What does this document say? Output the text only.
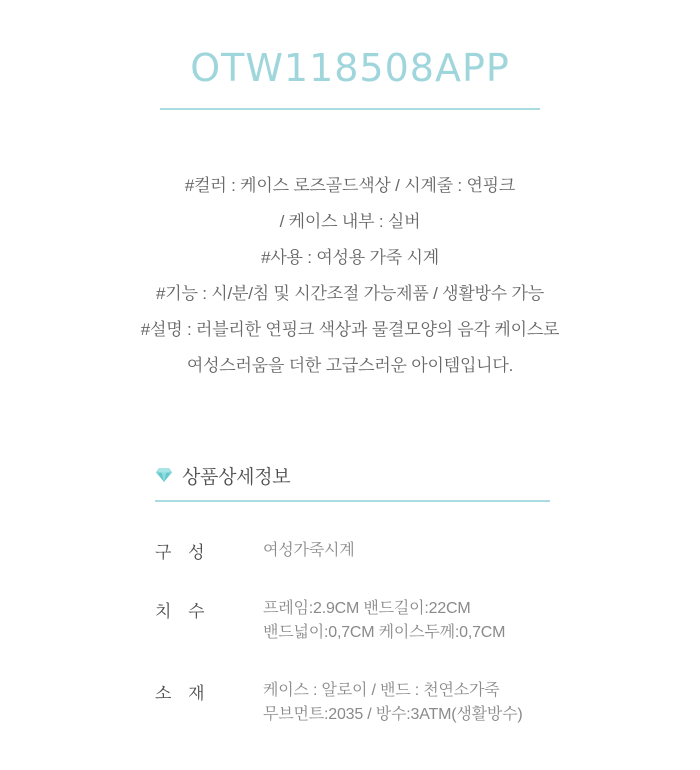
OTW118508APP
#컬러 : 케이스 로즈골드색상 / 시계줄 : 연핑크
/ 케이스 내부 : 실버
#사용 : 여성용 가죽 시계
#기능 : 시/분/침 및 시간조절 가능제품 / 생활방수 가능
#설명 : 러블리한 연핑크 색상과 물결모양의 음각 케이스로
여성스러움을 더한 고급스러운 아이템입니다.
상품상세정보
구 성	여성가죽시계

치 수	프레임:2.9CM 밴드길이:22CM
밴드넓이:0,7CM 케이스두께:0,7CM

소 재	케이스 : 알로이 / 밴드 : 천연소가죽
무브먼트:2035 / 방수:3ATM(생활방수)
